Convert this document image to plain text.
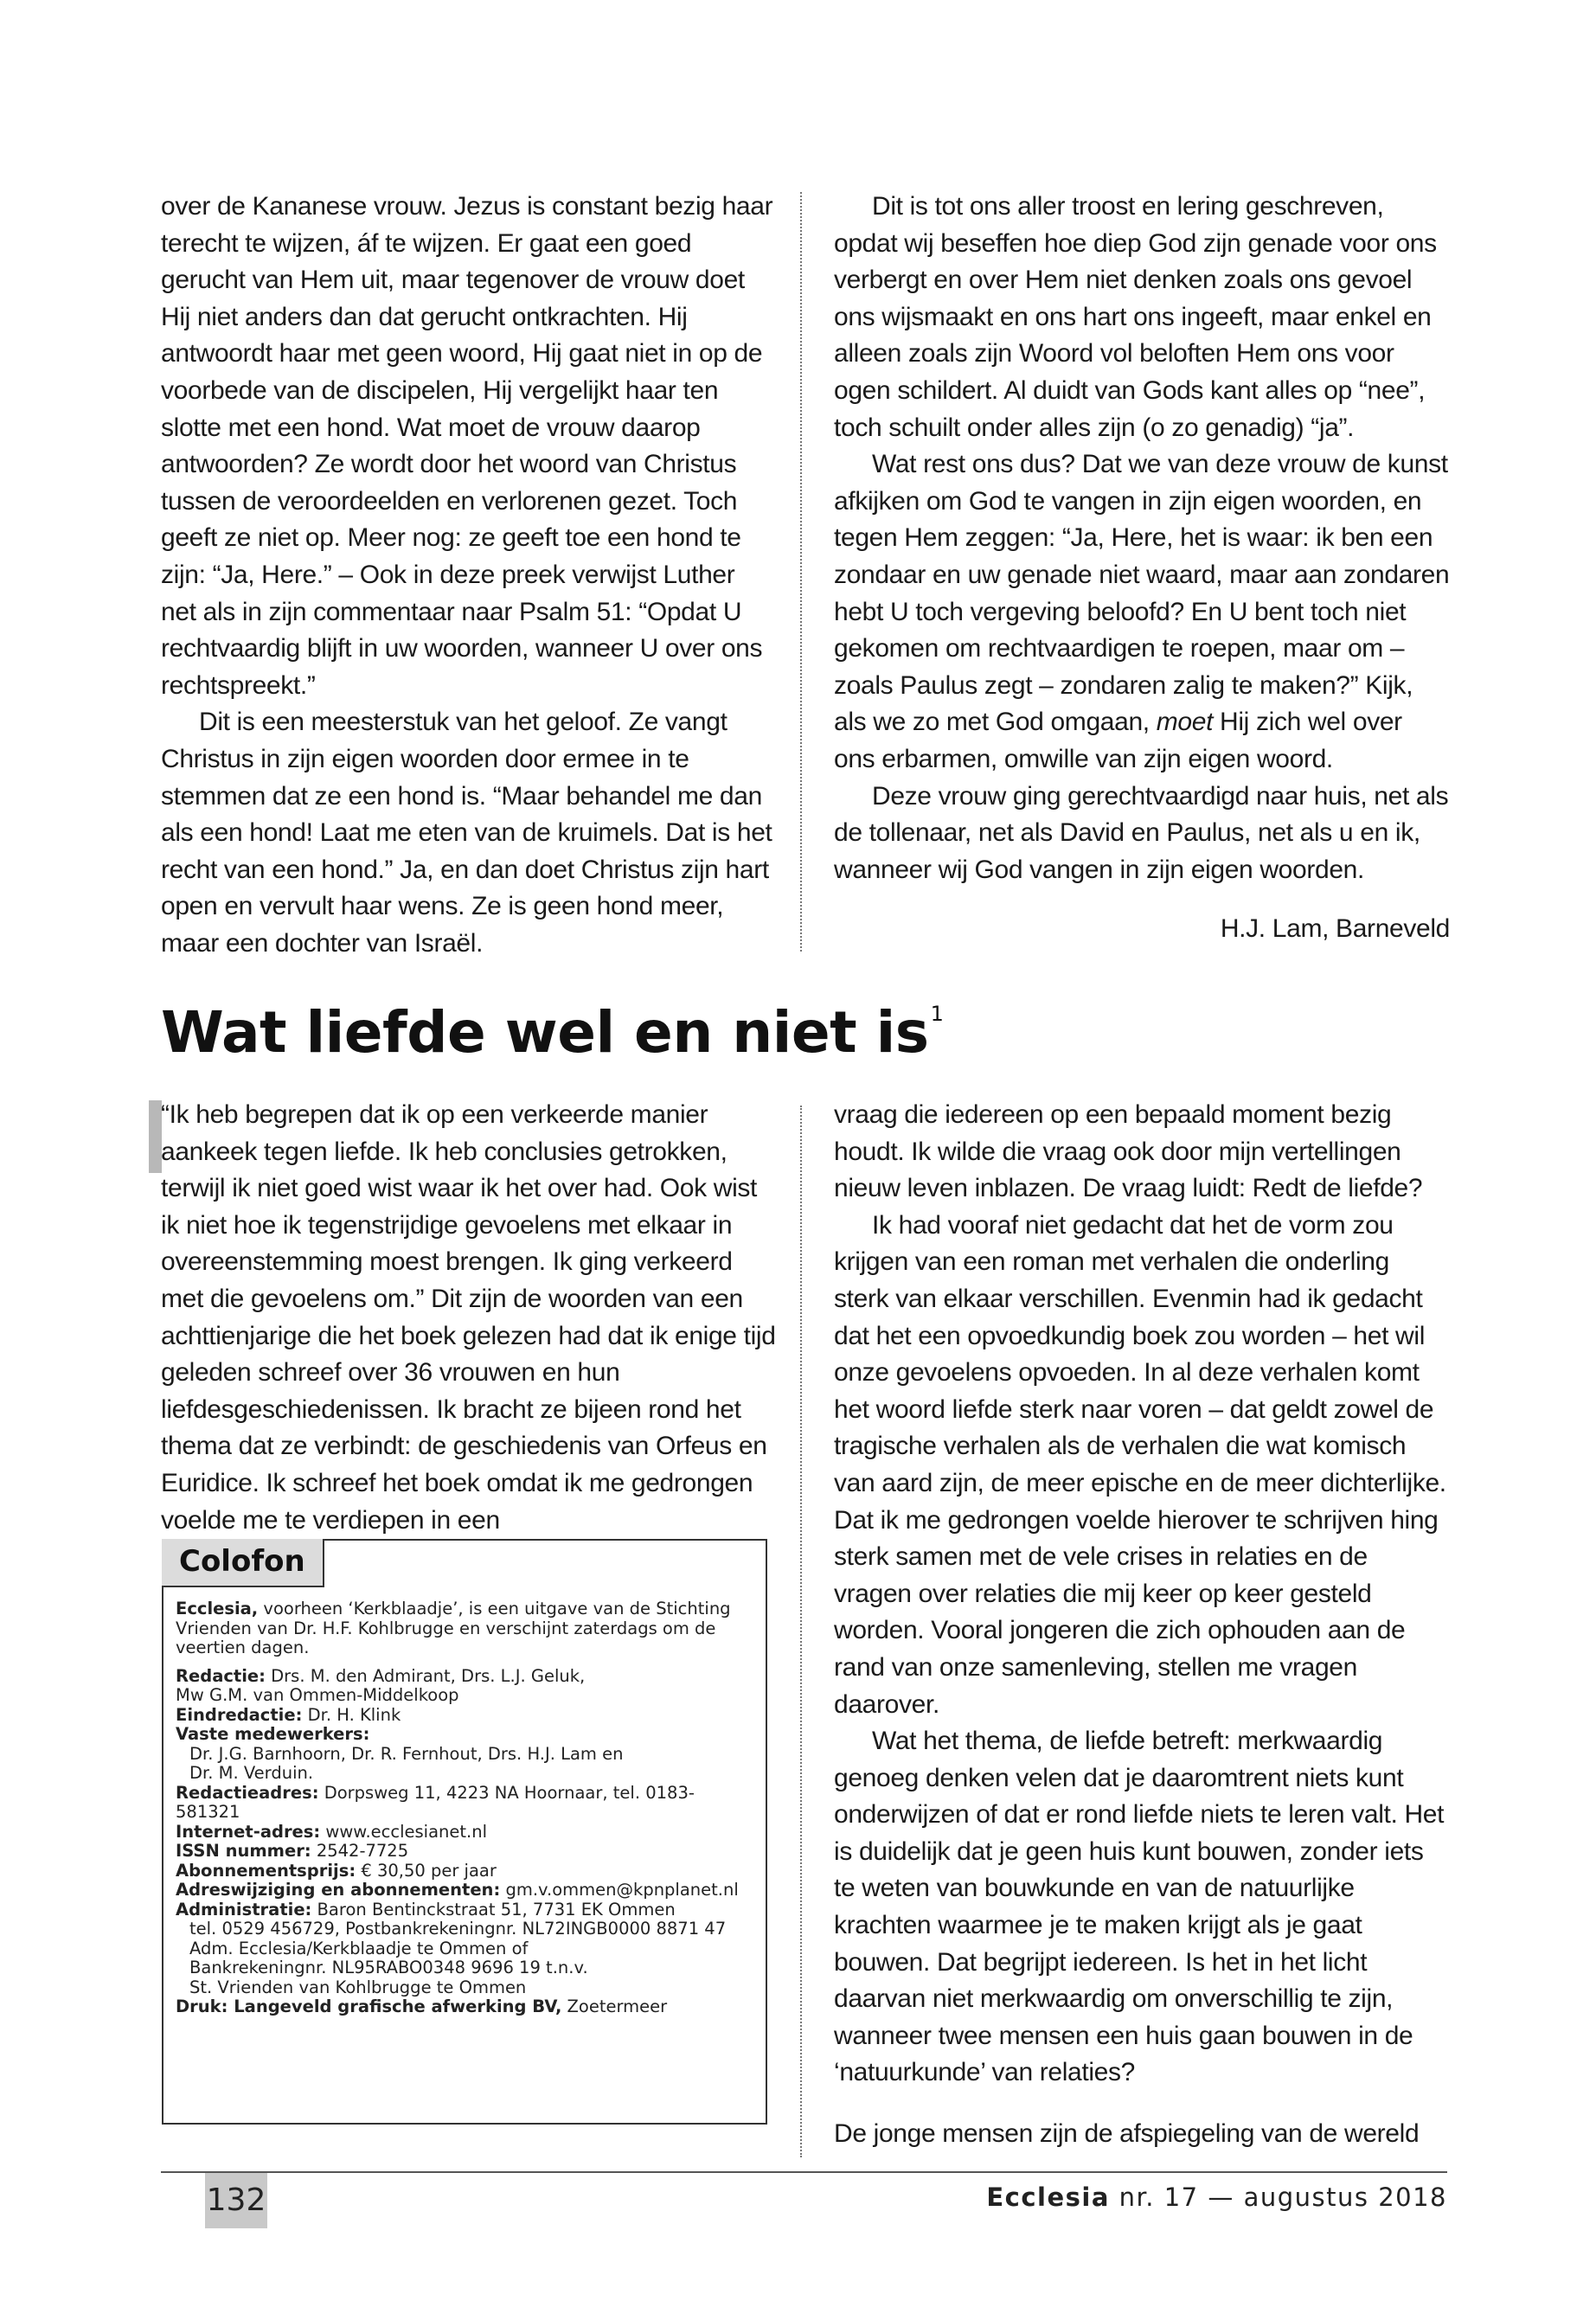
over de Kananese vrouw. Jezus is constant bezig haar terecht te wijzen, áf te wijzen. Er gaat een goed gerucht van Hem uit, maar tegenover de vrouw doet Hij niet anders dan dat gerucht ontkrachten. Hij antwoordt haar met geen woord, Hij gaat niet in op de voorbede van de discipelen, Hij vergelijkt haar ten slotte met een hond. Wat moet de vrouw daarop antwoorden? Ze wordt door het woord van Christus tussen de veroordeelden en verlorenen gezet. Toch geeft ze niet op. Meer nog: ze geeft toe een hond te zijn: “Ja, Here.” – Ook in deze preek verwijst Luther net als in zijn commentaar naar Psalm 51: “Opdat U rechtvaardig blijft in uw woorden, wanneer U over ons rechtspreekt.”

Dit is een meesterstuk van het geloof. Ze vangt Christus in zijn eigen woorden door ermee in te stemmen dat ze een hond is. “Maar behandel me dan als een hond! Laat me eten van de kruimels. Dat is het recht van een hond.” Ja, en dan doet Christus zijn hart open en vervult haar wens. Ze is geen hond meer, maar een dochter van Israël.

Dit is tot ons aller troost en lering geschreven, opdat wij beseffen hoe diep God zijn genade voor ons verbergt en over Hem niet denken zoals ons gevoel ons wijsmaakt en ons hart ons ingeeft, maar enkel en alleen zoals zijn Woord vol beloften Hem ons voor ogen schildert. Al duidt van Gods kant alles op “nee”, toch schuilt onder alles zijn (o zo genadig) “ja”.

Wat rest ons dus? Dat we van deze vrouw de kunst afkijken om God te vangen in zijn eigen woorden, en tegen Hem zeggen: “Ja, Here, het is waar: ik ben een zondaar en uw genade niet waard, maar aan zondaren hebt U toch vergeving beloofd? En U bent toch niet gekomen om rechtvaardigen te roepen, maar om – zoals Paulus zegt – zondaren zalig te maken?” Kijk, als we zo met God omgaan, moet Hij zich wel over ons erbarmen, omwille van zijn eigen woord.

Deze vrouw ging gerechtvaardigd naar huis, net als de tollenaar, net als David en Paulus, net als u en ik, wanneer wij God vangen in zijn eigen woorden.

H.J. Lam, Barneveld

Wat liefde wel en niet $is^1$

“Ik heb begrepen dat ik op een verkeerde manier aankeek tegen liefde. Ik heb conclusies getrokken, terwijl ik niet goed wist waar ik het over had. Ook wist ik niet hoe ik tegenstrijdige gevoelens met elkaar in overeenstemming moest brengen. Ik ging verkeerd met die gevoelens om.” Dit zijn de woorden van een achttienjarige die het boek gelezen had dat ik enige tijd geleden schreef over 36 vrouwen en hun liefdesgeschiedenissen. Ik bracht ze bijeen rond het thema dat ze verbindt: de geschiedenis van Orfeus en Euridice. Ik schreef het boek omdat ik me gedrongen voelde me te verdiepen in een

vraag die iedereen op een bepaald moment bezig houdt. Ik wilde die vraag ook door mijn vertellingen nieuw leven inblazen. De vraag luidt: Redt de liefde?

Ik had vooraf niet gedacht dat het de vorm zou krijgen van een roman met verhalen die onderling sterk van elkaar verschillen. Evenmin had ik gedacht dat het een opvoedkundig boek zou worden – het wil onze gevoelens opvoeden. In al deze verhalen komt het woord liefde sterk naar voren – dat geldt zowel de tragische verhalen als de verhalen die wat komisch van aard zijn, de meer epische en de meer dichterlijke. Dat ik me gedrongen voelde hierover te schrijven hing sterk samen met de vele crises in relaties en de vragen over relaties die mij keer op keer gesteld worden. Vooral jongeren die zich ophouden aan de rand van onze samenleving, stellen me vragen daarover.

Wat het thema, de liefde betreft: merkwaardig genoeg denken velen dat je daaromtrent niets kunt onderwijzen of dat er rond liefde niets te leren valt. Het is duidelijk dat je geen huis kunt bouwen, zonder iets te weten van bouwkunde en van de natuurlijke krachten waarmee je te maken krijgt als je gaat bouwen. Dat begrijpt iedereen. Is het in het licht daarvan niet merkwaardig om onverschillig te zijn, wanneer twee mensen een huis gaan bouwen in de ‘natuurkunde’ van relaties?

De jonge mensen zijn de afspiegeling van de wereld

Colofon

Ecclesia, voorheen ‘Kerkblaadje’, is een uitgave van de Stichting Vrienden van Dr. H.F. Kohlbrugge en verschijnt zaterdags om de veertien dagen.

Redactie: Drs. M. den Admirant, Drs. L.J. Geluk,

Mw G.M. van Ommen-Middelkoop

Eindredactie: Dr. H. Klink

Vaste medewerkers:

Dr. J.G. Barnhoorn, Dr. R. Fernhout, Drs. H.J. Lam en

Dr. M. Verduin.

Redactieadres: Dorpsweg 11, 4223 NA Hoornaar, tel. 0183-581321

Internet-adres: www.ecclesianet.nl

ISSN nummer: 2542-7725

Abonnementsprijs: € 30,50 per jaar

Adreswijziging en abonnementen: gm.v.ommen@kpnplanet.nl

Administratie: Baron Bentinckstraat 51, 7731 EK Ommen

tel. 0529 456729, Postbankrekeningnr. NL72INGB0000 8871 47

Adm. Ecclesia/Kerkblaadje te Ommen of

Bankrekeningnr. NL95RABO0348 9696 19 t.n.v.

St. Vrienden van Kohlbrugge te Ommen

Druk: Langeveld grafische afwerking BV, Zoetermeer

132	Ecclesia nr. 17 — augustus 2018
